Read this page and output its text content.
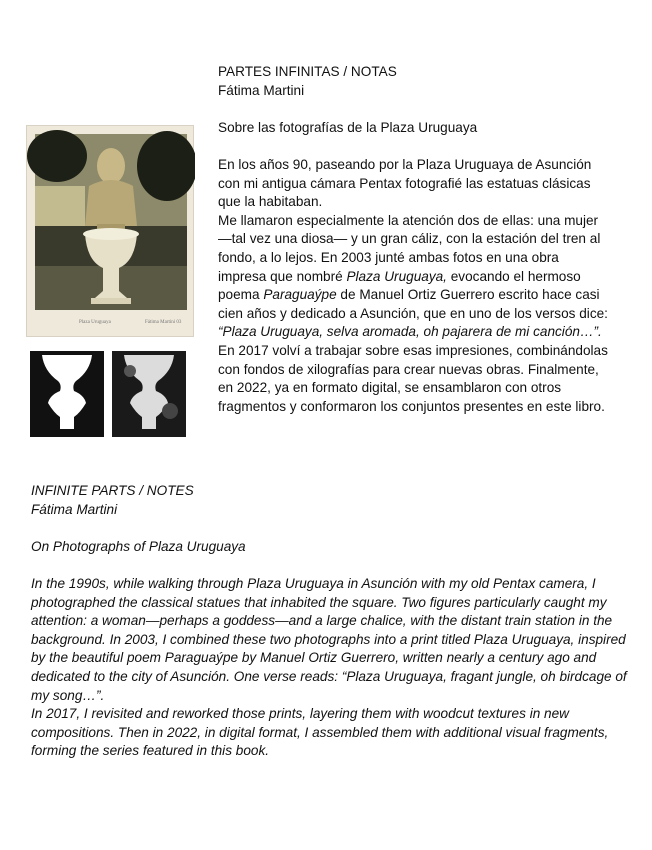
Plaza Uruguaya	Fátima Martini 03

PARTES INFINITAS / NOTAS

Fátima Martini

Sobre las fotografías de la Plaza Uruguaya

En los años 90, paseando por la Plaza Uruguaya de Asunción con mi antigua cámara Pentax fotografié las estatuas clásicas que la habitaban.

Me llamaron especialmente la atención dos de ellas: una mujer —tal vez una diosa— y un gran cáliz, con la estación del tren al fondo, a lo lejos. En 2003 junté ambas fotos en una obra impresa que nombré Plaza Uruguaya, evocando el hermoso poema Paraguaýpe de Manuel Ortiz Guerrero escrito hace casi cien años y dedicado a Asunción, que en uno de los versos dice: “Plaza Uruguaya, selva aromada, oh pajarera de mi canción…”.

En 2017 volví a trabajar sobre esas impresiones, combinándolas con fondos de xilografías para crear nuevas obras. Finalmente, en 2022, ya en formato digital, se ensamblaron con otros fragmentos y conformaron los conjuntos presentes en este libro.

INFINITE PARTS / NOTES

Fátima Martini

On Photographs of Plaza Uruguaya

In the 1990s, while walking through Plaza Uruguaya in Asunción with my old Pentax camera, I photographed the classical statues that inhabited the square. Two figures particularly caught my attention: a woman—perhaps a goddess—and a large chalice, with the distant train station in the background. In 2003, I combined these two photographs into a print titled Plaza Uruguaya, inspired by the beautiful poem Paraguaýpe by Manuel Ortiz Guerrero, written nearly a century ago and dedicated to the city of Asunción. One verse reads: “Plaza Uruguaya, fragant jungle, oh birdcage of my song…”.

In 2017, I revisited and reworked those prints, layering them with woodcut textures in new compositions. Then in 2022, in digital format, I assembled them with additional visual fragments, forming the series featured in this book.
